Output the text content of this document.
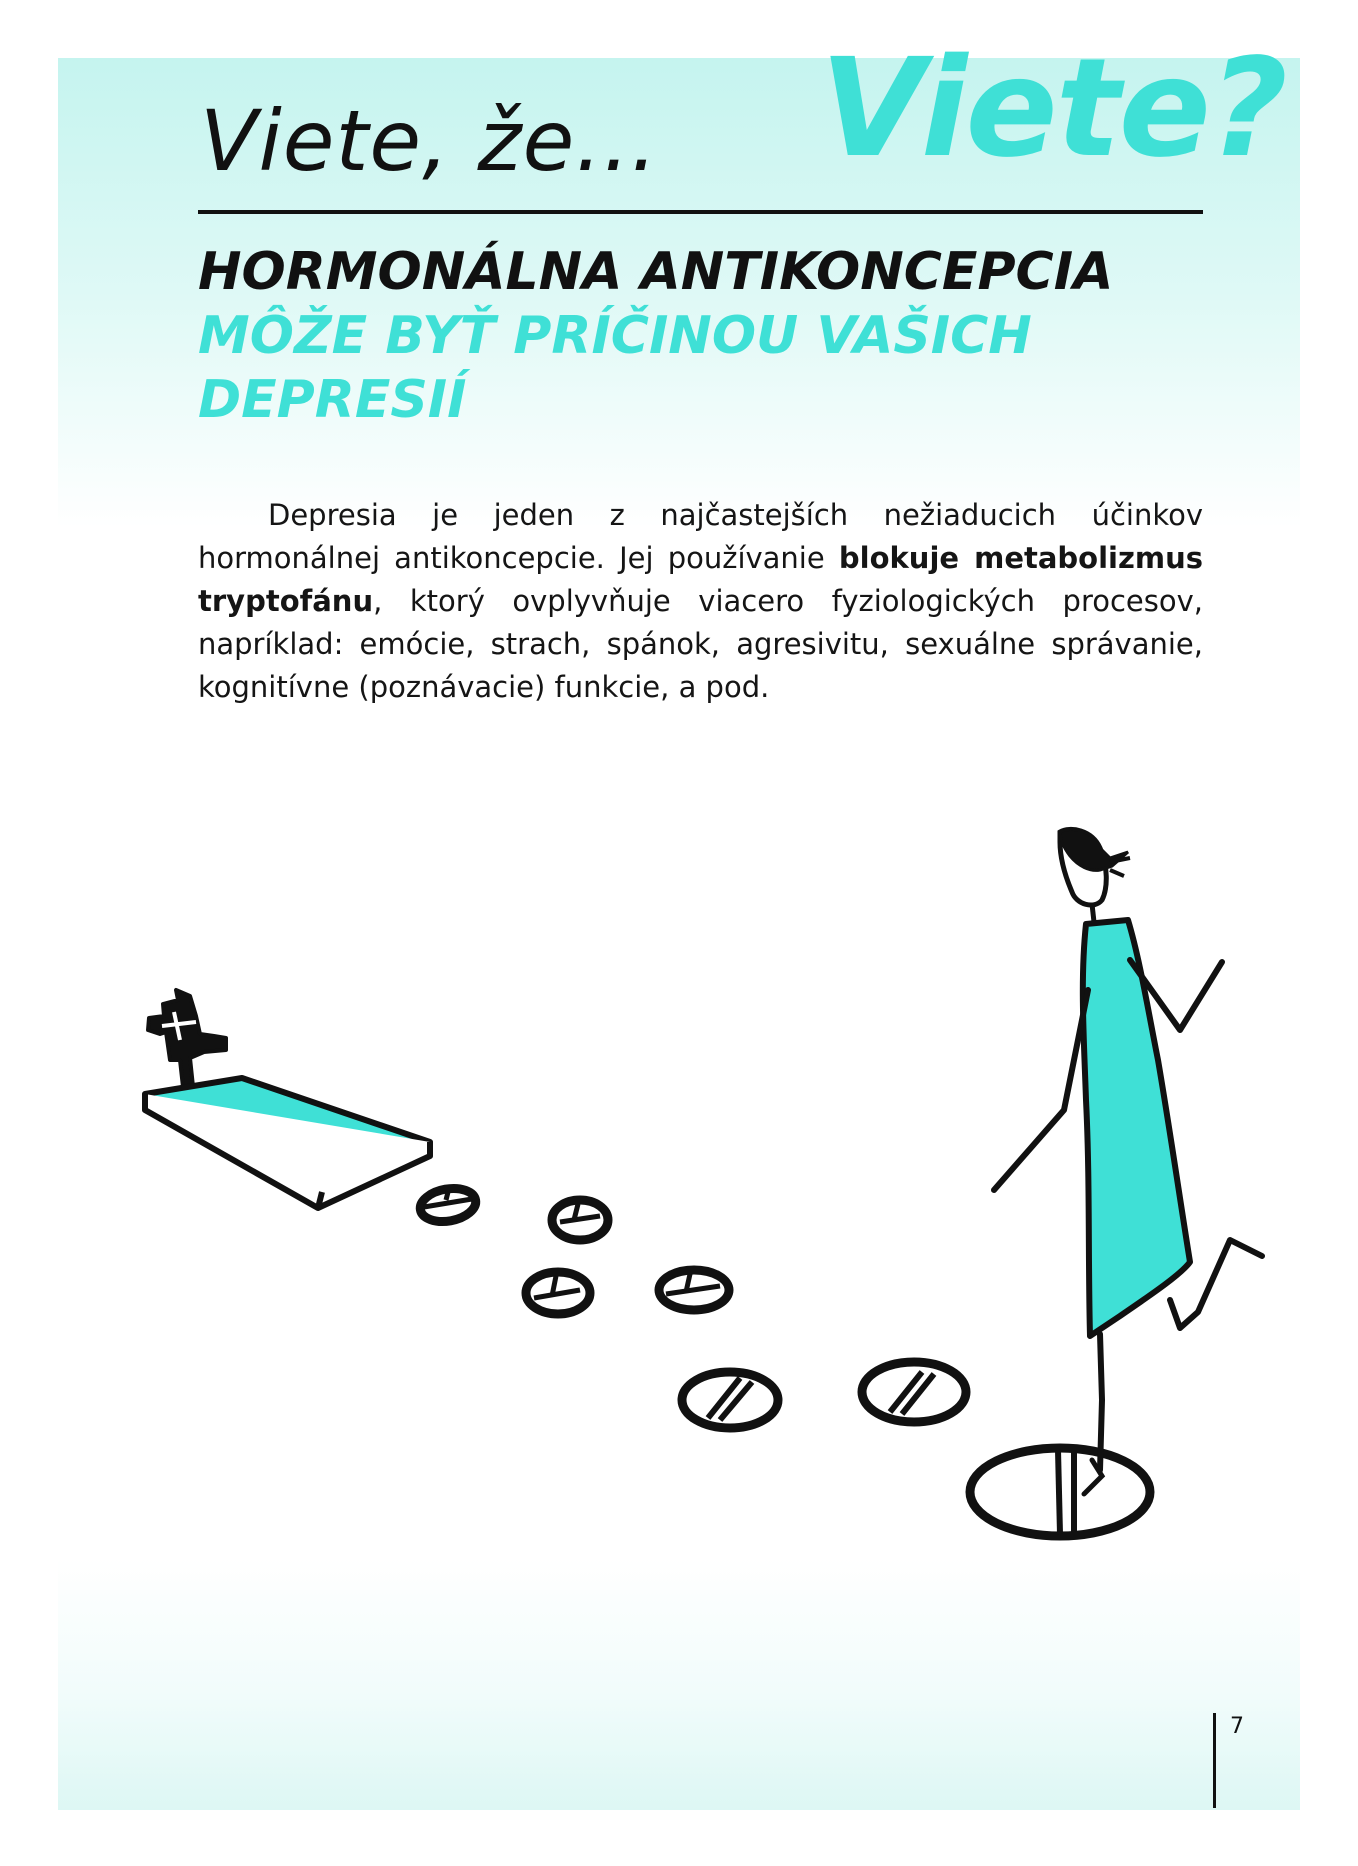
Viete?
Viete, že...
HORMONÁLNA ANTIKONCEPCIA
MÔŽE BYŤ PRÍČINOU VAŠICH DEPRESIÍ

Depresia je jeden z najčastejších nežiaducich účinkov hormonálnej antikoncepcie. Jej používanie blokuje metabolizmus tryptofánu, ktorý ovplyvňuje viacero fyziologických procesov, napríklad: emócie, strach, spánok, agresivitu, sexuálne správanie, kognitívne (poznávacie) funkcie, a pod.

7
